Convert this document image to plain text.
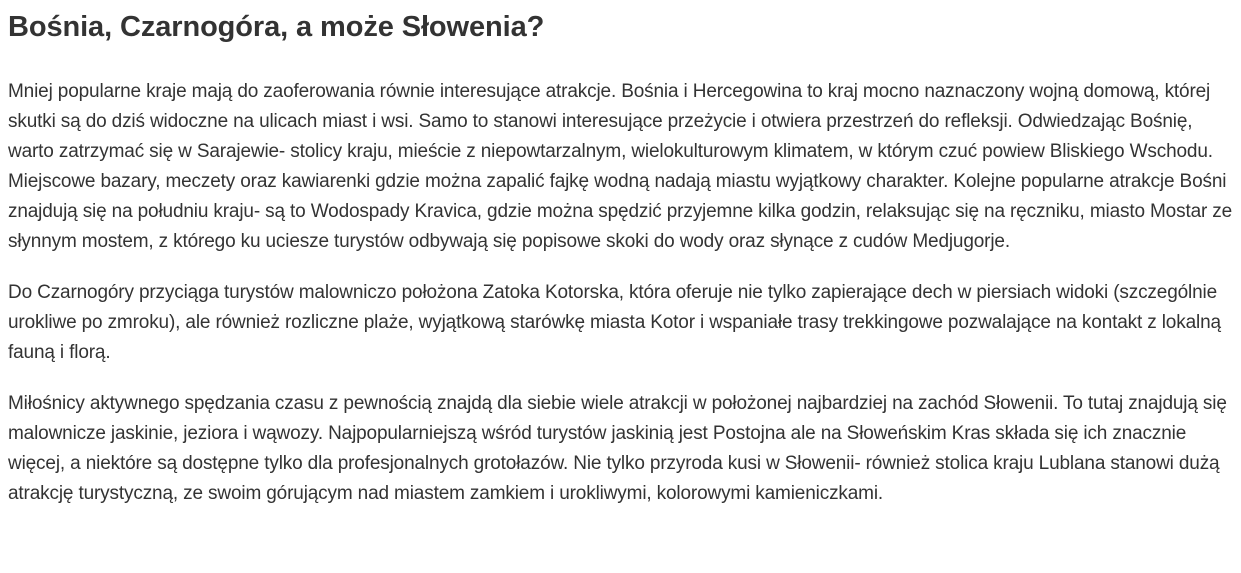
Bośnia, Czarnogóra, a może Słowenia?

Mniej popularne kraje mają do zaoferowania równie interesujące atrakcje. Bośnia i Hercegowina to kraj mocno naznaczony wojną domową, której skutki są do dziś widoczne na ulicach miast i wsi. Samo to stanowi interesujące przeżycie i otwiera przestrzeń do refleksji. Odwiedzając Bośnię, warto zatrzymać się w Sarajewie- stolicy kraju, mieście z niepowtarzalnym, wielokulturowym klimatem, w którym czuć powiew Bliskiego Wschodu. Miejscowe bazary, meczety oraz kawiarenki gdzie można zapalić fajkę wodną nadają miastu wyjątkowy charakter. Kolejne popularne atrakcje Bośni znajdują się na południu kraju- są to Wodospady Kravica, gdzie można spędzić przyjemne kilka godzin, relaksując się na ręczniku, miasto Mostar ze słynnym mostem, z którego ku uciesze turystów odbywają się popisowe skoki do wody oraz słynące z cudów Medjugorje.

Do Czarnogóry przyciąga turystów malowniczo położona Zatoka Kotorska, która oferuje nie tylko zapierające dech w piersiach widoki (szczególnie urokliwe po zmroku), ale również rozliczne plaże, wyjątkową starówkę miasta Kotor i wspaniałe trasy trekkingowe pozwalające na kontakt z lokalną fauną i florą.

Miłośnicy aktywnego spędzania czasu z pewnością znajdą dla siebie wiele atrakcji w położonej najbardziej na zachód Słowenii. To tutaj znajdują się malownicze jaskinie, jeziora i wąwozy. Najpopularniejszą wśród turystów jaskinią jest Postojna ale na Słoweńskim Kras składa się ich znacznie więcej, a niektóre są dostępne tylko dla profesjonalnych grotołazów. Nie tylko przyroda kusi w Słowenii- również stolica kraju Lublana stanowi dużą atrakcję turystyczną, ze swoim górującym nad miastem zamkiem i urokliwymi, kolorowymi kamieniczkami.
